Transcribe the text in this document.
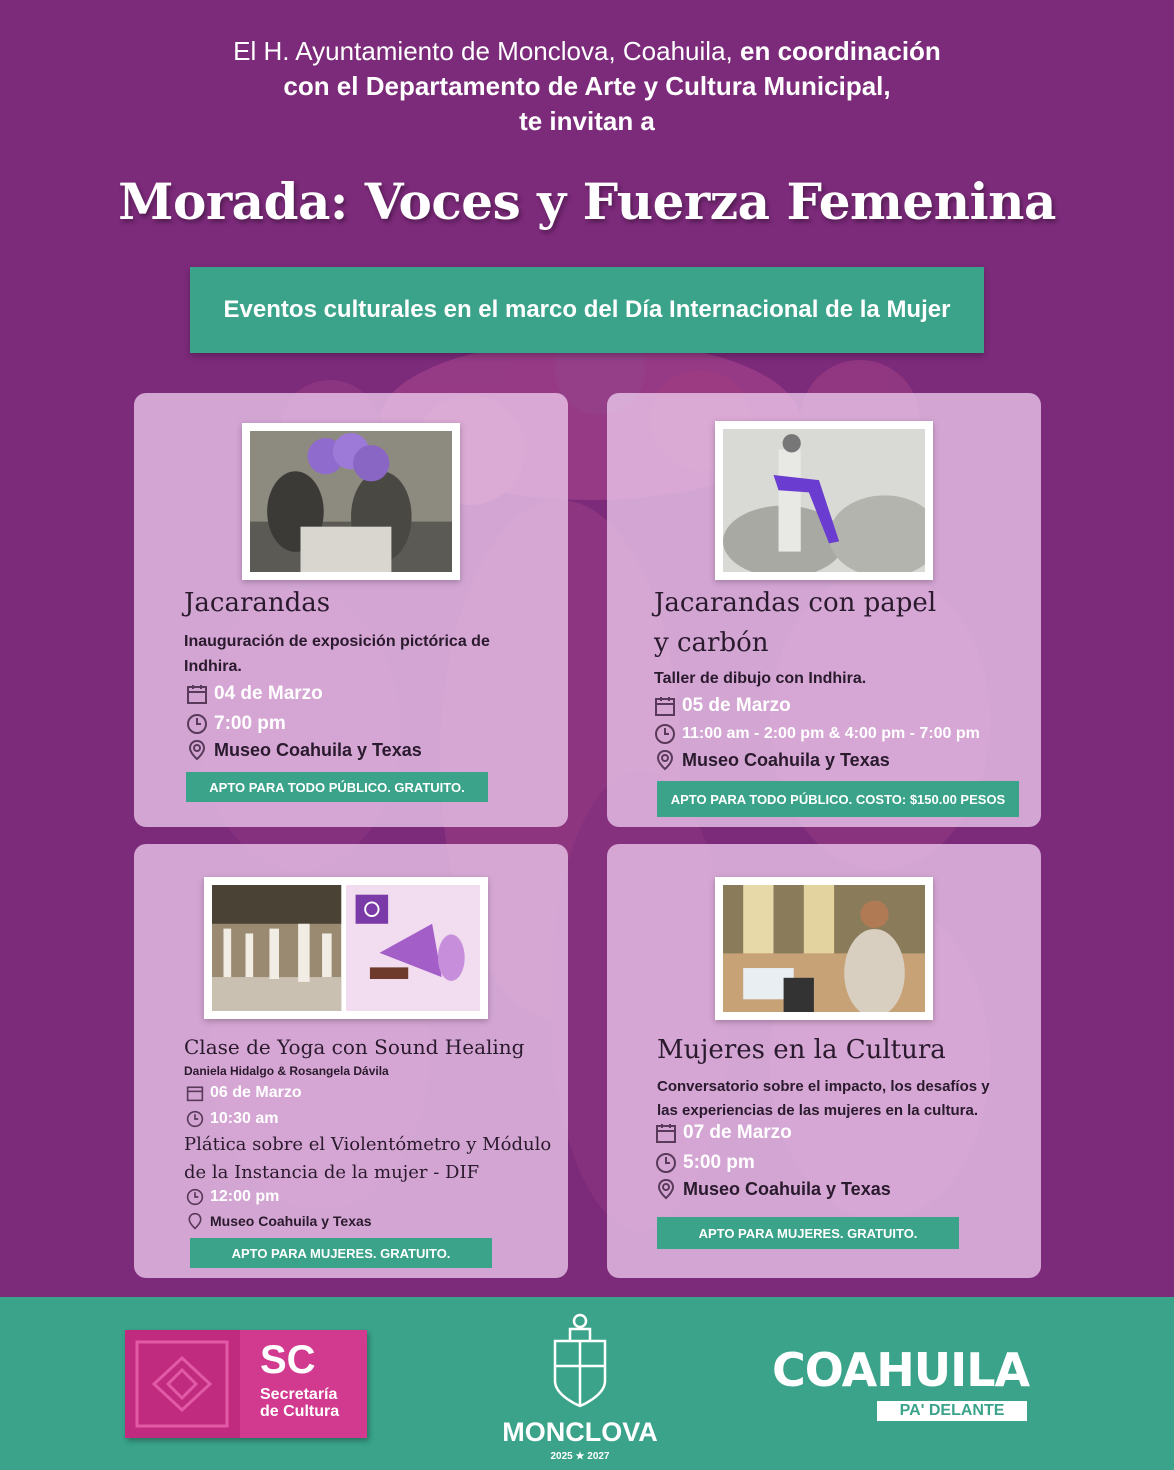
El H. Ayuntamiento de Monclova, Coahuila, en coordinación
con el Departamento de Arte y Cultura Municipal,
te invitan a
Morada: Voces y Fuerza Femenina
Eventos culturales en el marco del Día Internacional de la Mujer
Jacarandas
Inauguración de exposición pictórica de Indhira.
04 de Marzo
7:00 pm
Museo Coahuila y Texas
APTO PARA TODO PÚBLICO. GRATUITO.
Jacarandas con papel
y carbón
Taller de dibujo con Indhira.
05 de Marzo
11:00 am - 2:00 pm & 4:00 pm - 7:00 pm
Museo Coahuila y Texas
APTO PARA TODO PÚBLICO. COSTO: $150.00 PESOS
Clase de Yoga con Sound Healing
Daniela Hidalgo & Rosangela Dávila
06 de Marzo
10:30 am
Plática sobre el Violentómetro y Módulo
de la Instancia de la mujer - DIF
12:00 pm
Museo Coahuila y Texas
APTO PARA MUJERES. GRATUITO.
Mujeres en la Cultura
Conversatorio sobre el impacto, los desafíos y
las experiencias de las mujeres en la cultura.
07 de Marzo
5:00 pm
Museo Coahuila y Texas
APTO PARA MUJERES. GRATUITO.
SC
Secretaría
de Cultura
MONCLOVA
2025 ★ 2027
COAHUILA
PA' DELANTE
